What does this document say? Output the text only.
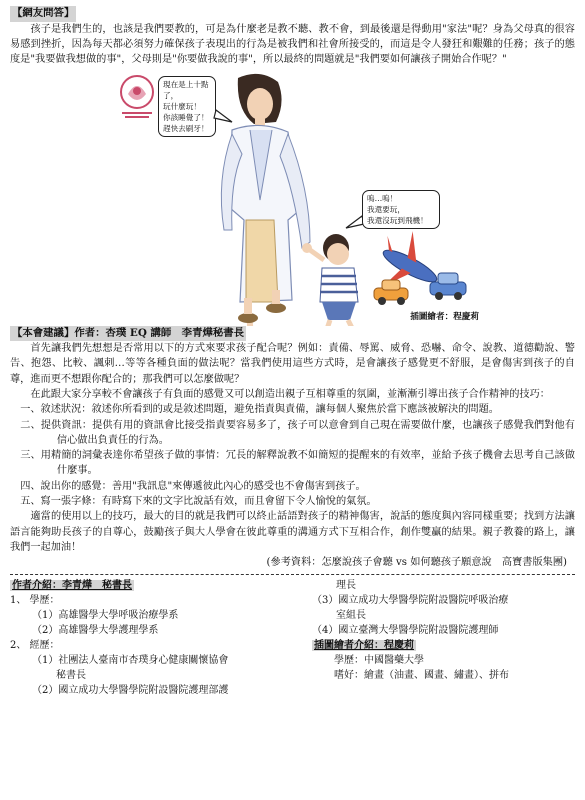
【網友問答】
孩子是我們生的，也該是我們要教的，可是為什麼老是教不聽、教不會，到最後還是得動用"家法"呢？身為父母真的很容易感到挫折，因為每天都必須努力確保孩子表現出的行為是被我們和社會所接受的，而這是令人發狂和艱難的任務；孩子的態度是"我要做我想做的事"，父母則是"你要做我說的事"，所以最終的問題就是"我們要如何讓孩子開始合作呢？"
現在是上十點了，
玩什麼玩！
你該睡覺了！
趕快去刷牙！
嗚…嗚！
我還要玩，
我還沒玩到飛機！
插圖繪者：程慶莉
【本會建議】作者：杏璞 EQ 講師　李青燁秘書長
首先讓我們先想想是否常用以下的方式來要求孩子配合呢？例如：責備、辱罵、威脅、恐嚇、命令、說教、道德勸說、警告、抱怨、比較、諷刺…等等各種負面的做法呢？當我們使用這些方式時，是會讓孩子感覺更不舒服，是會傷害到孩子的自尊，進而更不想跟你配合的；那我們可以怎麼做呢？
在此跟大家分享較不會讓孩子有負面的感覺又可以創造出親子互相尊重的氛圍，並漸漸引導出孩子合作精神的技巧：
一、敘述狀況：敘述你所看到的或是敘述問題，避免指責與責備，讓每個人聚焦於當下應該被解決的問題。
二、提供資訊：提供有用的資訊會比接受指責要容易多了，孩子可以意會到自己現在需要做什麼，也讓孩子感覺我們對他有信心做出負責任的行為。
三、用精簡的詞彙表達你希望孩子做的事情：冗長的解釋說教不如簡短的提醒來的有效率，並給予孩子機會去思考自己該做什麼事。
四、說出你的感覺：善用"我訊息"來傳遞彼此內心的感受也不會傷害到孩子。
五、寫一張字條：有時寫下來的文字比說話有效，而且會留下令人愉悅的氣氛。
適當的使用以上的技巧，最大的目的就是我們可以終止話語對孩子的精神傷害，說話的態度與內容同樣重要；找到方法讓語言能夠助長孩子的自尊心，鼓勵孩子與大人學會在彼此尊重的溝通方式下互相合作，創作雙贏的結果。親子教養的路上，讓我們一起加油！
(參考資料：怎麼說孩子會聽 vs 如何聽孩子願意說　高寶書版集團)
作者介紹：李青燁　秘書長
1、 學歷：
（1）高雄醫學大學呼吸治療學系
（2）高雄醫學大學護理學系
2、 經歷：
（1）社團法人臺南市杏璞身心健康關懷協會
秘書長
（2）國立成功大學醫學院附設醫院護理部護
理長
（3）國立成功大學醫學院附設醫院呼吸治療
室組長
（4）國立臺灣大學醫學院附設醫院護理師
插圖繪者介紹：程慶莉
學歷：中國醫藥大學
嗜好：繪畫（油畫、國畫、繡畫）、拼布
